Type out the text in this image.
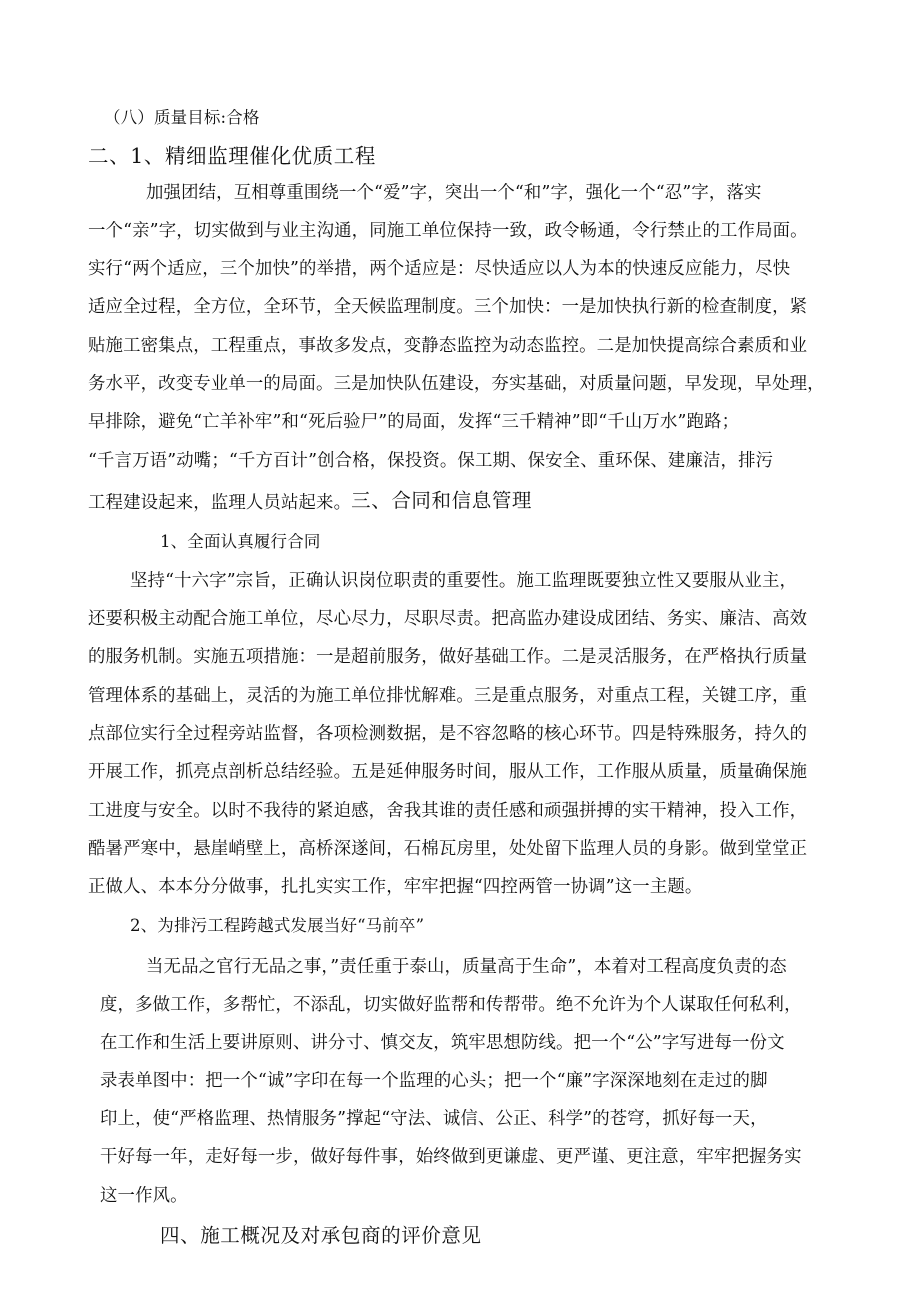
（八）质量目标:合格
二、1、精细监理催化优质工程
加强团结，互相尊重围绕一个“爱”字，突出一个“和”字，强化一个“忍”字，落实
一个“亲”字，切实做到与业主沟通，同施工单位保持一致，政令畅通，令行禁止的工作局面。
实行“两个适应，三个加快”的举措，两个适应是：尽快适应以人为本的快速反应能力，尽快
适应全过程，全方位，全环节，全天候监理制度。三个加快：一是加快执行新的检查制度，紧
贴施工密集点，工程重点，事故多发点，变静态监控为动态监控。二是加快提高综合素质和业
务水平，改变专业单一的局面。三是加快队伍建设，夯实基础，对质量问题，早发现，早处理，
早排除，避免“亡羊补牢”和“死后验尸”的局面，发挥“三千精神”即“千山万水”跑路；
“千言万语”动嘴；“千方百计”创合格，保投资。保工期、保安全、重环保、建廉洁，排污
工程建设起来，监理人员站起来。三、合同和信息管理
1、全面认真履行合同
坚持“十六字”宗旨，正确认识岗位职责的重要性。施工监理既要独立性又要服从业主，
还要积极主动配合施工单位，尽心尽力，尽职尽责。把高监办建设成团结、务实、廉洁、高效
的服务机制。实施五项措施：一是超前服务，做好基础工作。二是灵活服务，在严格执行质量
管理体系的基础上，灵活的为施工单位排忧解难。三是重点服务，对重点工程，关键工序，重
点部位实行全过程旁站监督，各项检测数据，是不容忽略的核心环节。四是特殊服务，持久的
开展工作，抓亮点剖析总结经验。五是延伸服务时间，服从工作，工作服从质量，质量确保施
工进度与安全。以时不我待的紧迫感，舍我其谁的责任感和顽强拼搏的实干精神，投入工作，
酷暑严寒中，悬崖峭壁上，高桥深遂间，石棉瓦房里，处处留下监理人员的身影。做到堂堂正
正做人、本本分分做事，扎扎实实工作，牢牢把握“四控两管一协调”这一主题。
2、为排污工程跨越式发展当好“马前卒”
当无品之官行无品之事，”责任重于泰山，质量高于生命”，本着对工程高度负责的态
度，多做工作，多帮忙，不添乱，切实做好监帮和传帮带。绝不允许为个人谋取任何私利，
在工作和生活上要讲原则、讲分寸、慎交友，筑牢思想防线。把一个“公”字写进每一份文
录表单图中：把一个“诚”字印在每一个监理的心头；把一个“廉”字深深地刻在走过的脚
印上，使“严格监理、热情服务”撑起“守法、诚信、公正、科学”的苍穹，抓好每一天，
干好每一年，走好每一步，做好每件事，始终做到更谦虚、更严谨、更注意，牢牢把握务实
这一作风。
四、施工概况及对承包商的评价意见
